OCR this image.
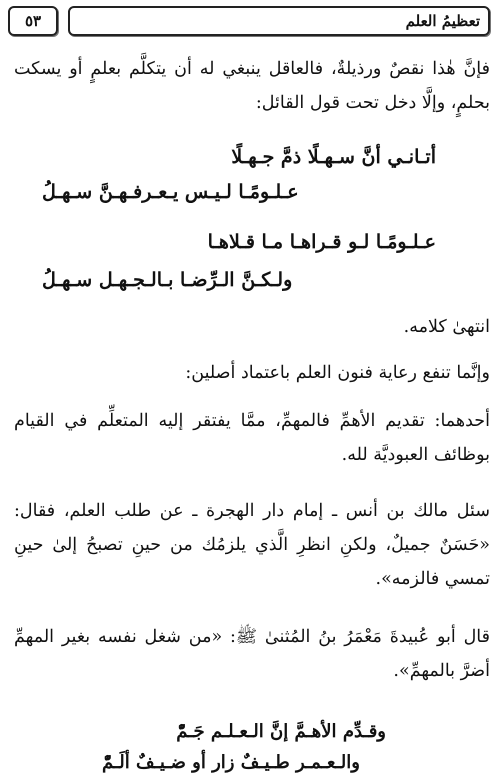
تعظيمُ العلم
٥٣

فإنَّ هٰذا نقصٌ ورذيلةٌ، فالعاقل ينبغي له أن يتكلَّم بعلمٍ أو يسكت بحلمٍ، وإلَّا دخل تحت قول القائل:

أتـانـي أنَّ سـهـلًا ذمَّ جـهـلًا
عـلـومًـا لـيـس يـعـرفـهـنَّ سـهـلُ
عـلـومًـا لـو قـراهـا مـا قـلاهـا
ولـكـنَّ الـرِّضـا بـالـجـهـل سـهـلُ

انتهىٰ كلامه.

وإنَّما تنفع رعاية فنون العلم باعتماد أصلين:

أحدهما: تقديم الأهمِّ فالمهمِّ، ممَّا يفتقر إليه المتعلِّم في القيام بوظائف العبوديَّة لله.

سئل مالك بن أنس ـ إمام دار الهجرة ـ عن طلب العلم، فقال: «حَسَنٌ جميلٌ، ولكنِ انظرِ الَّذي يلزمُك من حينِ تصبحُ إلىٰ حينِ تمسي فالزمه».

قال أبو عُبيدةَ مَعْمَرُ بنُ المُثنىٰ ﷺ: «من شغل نفسه بغير المهمِّ أضرَّ بالمهمِّ».

وقـدِّم الأهـمَّ إنَّ الـعـلـم جَـمّْ
والـعـمـر طـيـفٌ زار أو ضـيـفٌ ألَـمّْ
